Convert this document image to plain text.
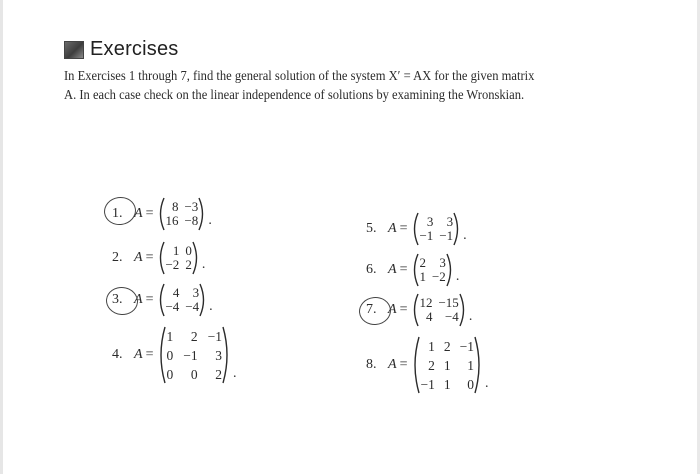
Exercises
In Exercises 1 through 7, find the general solution of the system X′ = AX for the given matrix
A. In each case check on the linear independence of solutions by examining the Wronskian.
1. A =	8 −3
16 −8 .
2. A =	1 0
−2 2 .
3. A =	4	3
−4 −4 .
4. A =
1	2 −1
0 −1	3
0	0	2 .
5. A =	3	3
−1 −1 .
6. A = 2	3
1 −2 .
7. A = 12 −15
4 −4 .
8. A =
1 2 −1
2 1	1
−1 1	0 .
